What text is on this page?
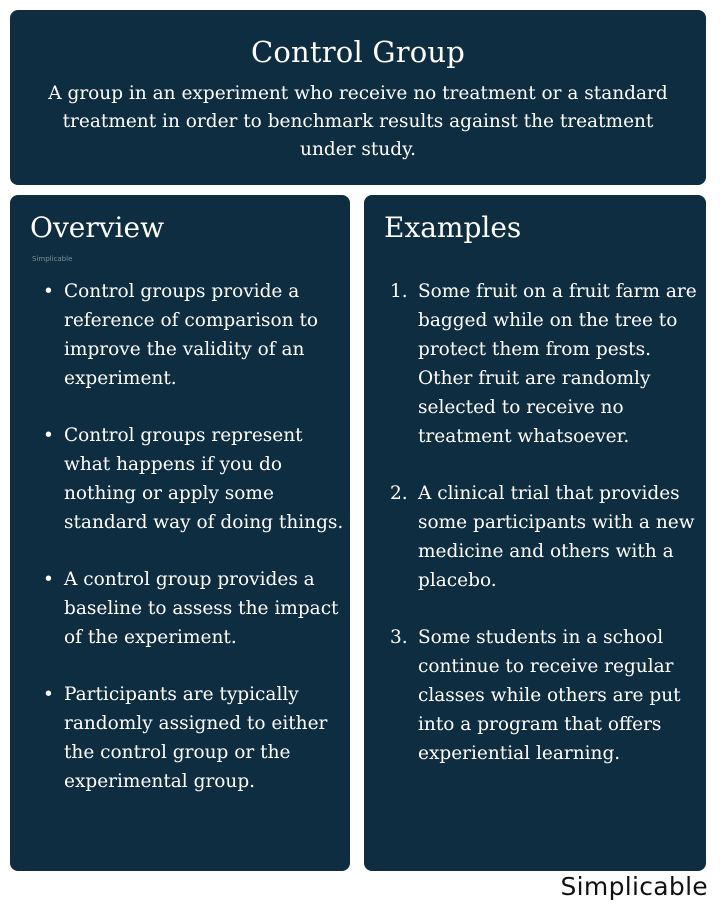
Control Group

A group in an experiment who receive no treatment or a standard treatment in order to benchmark results against the treatment under study.

Overview
Simplicable
• Control groups provide a reference of comparison to improve the validity of an experiment.
• Control groups represent what happens if you do nothing or apply some standard way of doing things.
• A control group provides a baseline to assess the impact of the experiment.
• Participants are typically randomly assigned to either the control group or the experimental group.
Examples
1. Some fruit on a fruit farm are bagged while on the tree to protect them from pests. Other fruit are randomly selected to receive no treatment whatsoever.
2. A clinical trial that provides some participants with a new medicine and others with a placebo.
3. Some students in a school continue to receive regular classes while others are put into a program that offers experiential learning.
Simplicable
